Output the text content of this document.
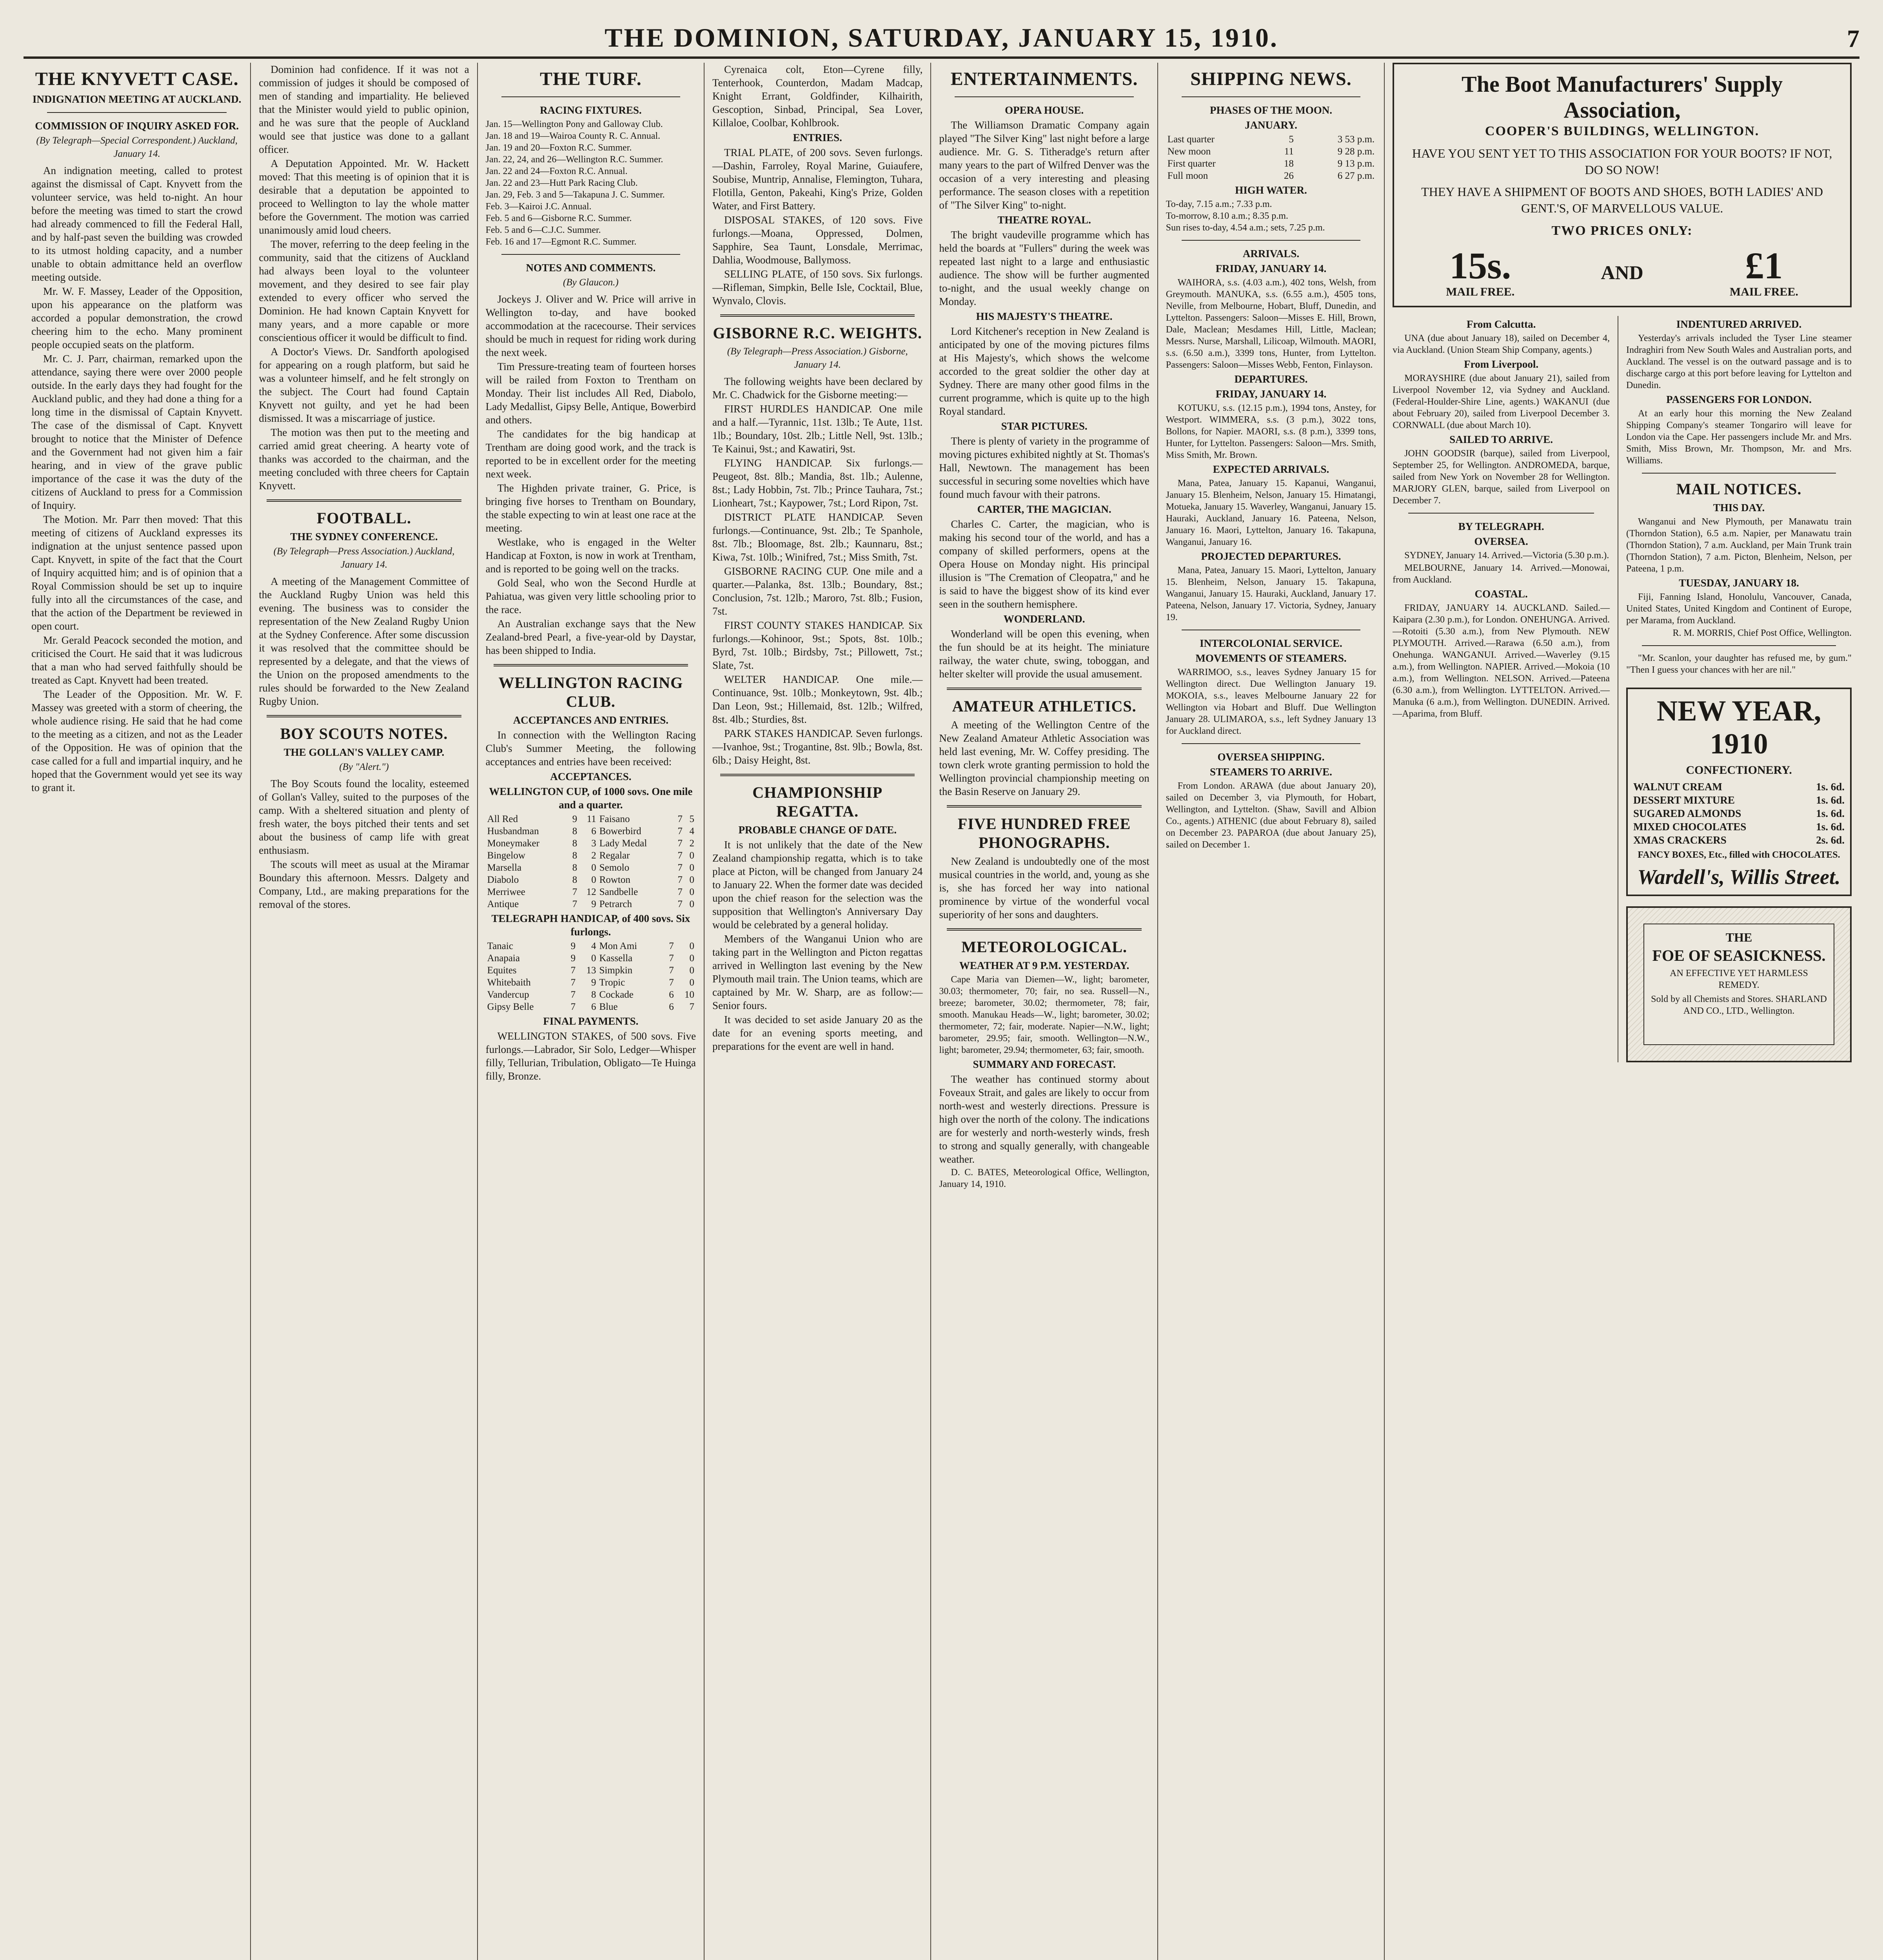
THE DOMINION, SATURDAY, JANUARY 15, 1910.	7
THE KNYVETT CASE.
INDIGNATION MEETING AT AUCKLAND.
COMMISSION OF INQUIRY ASKED FOR.
(By Telegraph—Special Correspondent.) Auckland, January 14.

An indignation meeting, called to protest against the dismissal of Capt. Knyvett from the volunteer service, was held to-night. An hour before the meeting was timed to start the crowd had already commenced to fill the Federal Hall, and by half-past seven the building was crowded to its utmost holding capacity, and a number unable to obtain admittance held an overflow meeting outside.

Mr. W. F. Massey, Leader of the Opposition, upon his appearance on the platform was accorded a popular demonstration, the crowd cheering him to the echo. Many prominent people occupied seats on the platform.

Mr. C. J. Parr, chairman, remarked upon the attendance, saying there were over 2000 people outside. In the early days they had fought for the Auckland public, and they had done a thing for a long time in the dismissal of Captain Knyvett. The case of the dismissal of Capt. Knyvett brought to notice that the Minister of Defence and the Government had not given him a fair hearing, and in view of the grave public importance of the case it was the duty of the citizens of Auckland to press for a Commission of Inquiry.

The Motion. Mr. Parr then moved: That this meeting of citizens of Auckland expresses its indignation at the unjust sentence passed upon Capt. Knyvett, in spite of the fact that the Court of Inquiry acquitted him; and is of opinion that a Royal Commission should be set up to inquire fully into all the circumstances of the case, and that the action of the Department be reviewed in open court.

Mr. Gerald Peacock seconded the motion, and criticised the Court. He said that it was ludicrous that a man who had served faithfully should be treated as Capt. Knyvett had been treated.

The Leader of the Opposition. Mr. W. F. Massey was greeted with a storm of cheering, the whole audience rising. He said that he had come to the meeting as a citizen, and not as the Leader of the Opposition. He was of opinion that the case called for a full and impartial inquiry, and he hoped that the Government would yet see its way to grant it.

Dominion had confidence. If it was not a commission of judges it should be composed of men of standing and impartiality. He believed that the Minister would yield to public opinion, and he was sure that the people of Auckland would see that justice was done to a gallant officer.

A Deputation Appointed. Mr. W. Hackett moved: That this meeting is of opinion that it is desirable that a deputation be appointed to proceed to Wellington to lay the whole matter before the Government. The motion was carried unanimously amid loud cheers.

The mover, referring to the deep feeling in the community, said that the citizens of Auckland had always been loyal to the volunteer movement, and they desired to see fair play extended to every officer who served the Dominion. He had known Captain Knyvett for many years, and a more capable or more conscientious officer it would be difficult to find.

A Doctor's Views. Dr. Sandforth apologised for appearing on a rough platform, but said he was a volunteer himself, and he felt strongly on the subject. The Court had found Captain Knyvett not guilty, and yet he had been dismissed. It was a miscarriage of justice.

The motion was then put to the meeting and carried amid great cheering. A hearty vote of thanks was accorded to the chairman, and the meeting concluded with three cheers for Captain Knyvett.

FOOTBALL.
THE SYDNEY CONFERENCE.
(By Telegraph—Press Association.) Auckland, January 14.

A meeting of the Management Committee of the Auckland Rugby Union was held this evening. The business was to consider the representation of the New Zealand Rugby Union at the Sydney Conference. After some discussion it was resolved that the committee should be represented by a delegate, and that the views of the Union on the proposed amendments to the rules should be forwarded to the New Zealand Rugby Union.

BOY SCOUTS NOTES.
THE GOLLAN'S VALLEY CAMP.
(By "Alert.")

The Boy Scouts found the locality, esteemed of Gollan's Valley, suited to the purposes of the camp. With a sheltered situation and plenty of fresh water, the boys pitched their tents and set about the business of camp life with great enthusiasm.

The scouts will meet as usual at the Miramar Boundary this afternoon. Messrs. Dalgety and Company, Ltd., are making preparations for the removal of the stores.

THE TURF.
RACING FIXTURES.
Jan. 15—Wellington Pony and Galloway Club.
Jan. 18 and 19—Wairoa County R. C. Annual.
Jan. 19 and 20—Foxton R.C. Summer.
Jan. 22, 24, and 26—Wellington R.C. Summer.
Jan. 22 and 24—Foxton R.C. Annual.
Jan. 22 and 23—Hutt Park Racing Club.
Jan. 29, Feb. 3 and 5—Takapuna J. C. Summer.
Feb. 3—Kairoi J.C. Annual.
Feb. 5 and 6—Gisborne R.C. Summer.
Feb. 5 and 6—C.J.C. Summer.
Feb. 16 and 17—Egmont R.C. Summer.
NOTES AND COMMENTS.
(By Glaucon.)

Jockeys J. Oliver and W. Price will arrive in Wellington to-day, and have booked accommodation at the racecourse. Their services should be much in request for riding work during the next week.

Tim Pressure-treating team of fourteen horses will be railed from Foxton to Trentham on Monday. Their list includes All Red, Diabolo, Lady Medallist, Gipsy Belle, Antique, Bowerbird and others.

The candidates for the big handicap at Trentham are doing good work, and the track is reported to be in excellent order for the meeting next week.

The Highden private trainer, G. Price, is bringing five horses to Trentham on Boundary, the stable expecting to win at least one race at the meeting.

Westlake, who is engaged in the Welter Handicap at Foxton, is now in work at Trentham, and is reported to be going well on the tracks.

Gold Seal, who won the Second Hurdle at Pahiatua, was given very little schooling prior to the race.

An Australian exchange says that the New Zealand-bred Pearl, a five-year-old by Daystar, has been shipped to India.

WELLINGTON RACING CLUB.
ACCEPTANCES AND ENTRIES.

In connection with the Wellington Racing Club's Summer Meeting, the following acceptances and entries have been received:

ACCEPTANCES.
WELLINGTON CUP, of 1000 sovs. One mile and a quarter.
All Red	9	11	Faisano	7	5
Husbandman	8	6	Bowerbird	7	4
Moneymaker	8	3	Lady Medal	7	2
Bingelow	8	2	Regalar	7	0
Marsella	8	0	Semolo	7	0
Diabolo	8	0	Rowton	7	0
Merriwee	7	12	Sandbelle	7	0
Antique	7	9	Petrarch	7	0
TELEGRAPH HANDICAP, of 400 sovs. Six furlongs.
Tanaic	9	4	Mon Ami	7	0
Anapaia	9	0	Kassella	7	0
Equites	7	13	Simpkin	7	0
Whitebaith	7	9	Tropic	7	0
Vandercup	7	8	Cockade	6	10
Gipsy Belle	7	6	Blue	6	7
FINAL PAYMENTS.

WELLINGTON STAKES, of 500 sovs. Five furlongs.—Labrador, Sir Solo, Ledger—Whisper filly, Tellurian, Tribulation, Obligato—Te Huinga filly, Bronze.

Cyrenaica colt, Eton—Cyrene filly, Tenterhook, Counterdon, Madam Madcap, Knight Errant, Goldfinder, Kilhairith, Gescoption, Sinbad, Principal, Sea Lover, Killaloe, Coolbar, Kohlbrook.

ENTRIES.

TRIAL PLATE, of 200 sovs. Seven furlongs.—Dashin, Farroley, Royal Marine, Guiaufere, Soubise, Muntrip, Annalise, Flemington, Tuhara, Flotilla, Genton, Pakeahi, King's Prize, Golden Water, and First Battery.

DISPOSAL STAKES, of 120 sovs. Five furlongs.—Moana, Oppressed, Dolmen, Sapphire, Sea Taunt, Lonsdale, Merrimac, Dahlia, Woodmouse, Ballymoss.

SELLING PLATE, of 150 sovs. Six furlongs.—Rifleman, Simpkin, Belle Isle, Cocktail, Blue, Wynvalo, Clovis.

GISBORNE R.C. WEIGHTS.
(By Telegraph—Press Association.) Gisborne, January 14.

The following weights have been declared by Mr. C. Chadwick for the Gisborne meeting:—

FIRST HURDLES HANDICAP. One mile and a half.—Tyrannic, 11st. 13lb.; Te Aute, 11st. 1lb.; Boundary, 10st. 2lb.; Little Nell, 9st. 13lb.; Te Kainui, 9st.; and Kawatiri, 9st.

FLYING HANDICAP. Six furlongs.—Peugeot, 8st. 8lb.; Mandia, 8st. 1lb.; Aulenne, 8st.; Lady Hobbin, 7st. 7lb.; Prince Tauhara, 7st.; Lionheart, 7st.; Kaypower, 7st.; Lord Ripon, 7st.

DISTRICT PLATE HANDICAP. Seven furlongs.—Continuance, 9st. 2lb.; Te Spanhole, 8st. 7lb.; Bloomage, 8st. 2lb.; Kaunnaru, 8st.; Kiwa, 7st. 10lb.; Winifred, 7st.; Miss Smith, 7st.

GISBORNE RACING CUP. One mile and a quarter.—Palanka, 8st. 13lb.; Boundary, 8st.; Conclusion, 7st. 12lb.; Maroro, 7st. 8lb.; Fusion, 7st.

FIRST COUNTY STAKES HANDICAP. Six furlongs.—Kohinoor, 9st.; Spots, 8st. 10lb.; Byrd, 7st. 10lb.; Birdsby, 7st.; Pillowett, 7st.; Slate, 7st.

WELTER HANDICAP. One mile.—Continuance, 9st. 10lb.; Monkeytown, 9st. 4lb.; Dan Leon, 9st.; Hillemaid, 8st. 12lb.; Wilfred, 8st. 4lb.; Sturdies, 8st.

PARK STAKES HANDICAP. Seven furlongs.—Ivanhoe, 9st.; Trogantine, 8st. 9lb.; Bowla, 8st. 6lb.; Daisy Height, 8st.

CHAMPIONSHIP REGATTA.
PROBABLE CHANGE OF DATE.

It is not unlikely that the date of the New Zealand championship regatta, which is to take place at Picton, will be changed from January 24 to January 22. When the former date was decided upon the chief reason for the selection was the supposition that Wellington's Anniversary Day would be celebrated by a general holiday.

Members of the Wanganui Union who are taking part in the Wellington and Picton regattas arrived in Wellington last evening by the New Plymouth mail train. The Union teams, which are captained by Mr. W. Sharp, are as follow:—Senior fours.

It was decided to set aside January 20 as the date for an evening sports meeting, and preparations for the event are well in hand.

ENTERTAINMENTS.
OPERA HOUSE.

The Williamson Dramatic Company again played "The Silver King" last night before a large audience. Mr. G. S. Titheradge's return after many years to the part of Wilfred Denver was the occasion of a very interesting and pleasing performance. The season closes with a repetition of "The Silver King" to-night.

THEATRE ROYAL.

The bright vaudeville programme which has held the boards at "Fullers" during the week was repeated last night to a large and enthusiastic audience. The show will be further augmented to-night, and the usual weekly change on Monday.

HIS MAJESTY'S THEATRE.

Lord Kitchener's reception in New Zealand is anticipated by one of the moving pictures films at His Majesty's, which shows the welcome accorded to the great soldier the other day at Sydney. There are many other good films in the current programme, which is quite up to the high Royal standard.

STAR PICTURES.

There is plenty of variety in the programme of moving pictures exhibited nightly at St. Thomas's Hall, Newtown. The management has been successful in securing some novelties which have found much favour with their patrons.

CARTER, THE MAGICIAN.

Charles C. Carter, the magician, who is making his second tour of the world, and has a company of skilled performers, opens at the Opera House on Monday night. His principal illusion is "The Cremation of Cleopatra," and he is said to have the biggest show of its kind ever seen in the southern hemisphere.

WONDERLAND.

Wonderland will be open this evening, when the fun should be at its height. The miniature railway, the water chute, swing, toboggan, and helter skelter will provide the usual amusement.

AMATEUR ATHLETICS.

A meeting of the Wellington Centre of the New Zealand Amateur Athletic Association was held last evening, Mr. W. Coffey presiding. The town clerk wrote granting permission to hold the Wellington provincial championship meeting on the Basin Reserve on January 29.

FIVE HUNDRED FREE PHONOGRAPHS.

New Zealand is undoubtedly one of the most musical countries in the world, and, young as she is, she has forced her way into national prominence by virtue of the wonderful vocal superiority of her sons and daughters.

METEOROLOGICAL.
WEATHER AT 9 P.M. YESTERDAY.

Cape Maria van Diemen—W., light; barometer, 30.03; thermometer, 70; fair, no sea. Russell—N., breeze; barometer, 30.02; thermometer, 78; fair, smooth. Manukau Heads—W., light; barometer, 30.02; thermometer, 72; fair, moderate. Napier—N.W., light; barometer, 29.95; fair, smooth. Wellington—N.W., light; barometer, 29.94; thermometer, 63; fair, smooth.

SUMMARY AND FORECAST.

The weather has continued stormy about Foveaux Strait, and gales are likely to occur from north-west and westerly directions. Pressure is high over the north of the colony. The indications are for westerly and north-westerly winds, fresh to strong and squally generally, with changeable weather.

D. C. BATES, Meteorological Office, Wellington, January 14, 1910.

SHIPPING NEWS.
PHASES OF THE MOON.
JANUARY.
Last quarter	5	3 53 p.m.
New moon	11	9 28 p.m.
First quarter	18	9 13 p.m.
Full moon	26	6 27 p.m.
HIGH WATER.
To-day, 7.15 a.m.; 7.33 p.m.
To-morrow, 8.10 a.m.; 8.35 p.m.
Sun rises to-day, 4.54 a.m.; sets, 7.25 p.m.
ARRIVALS.
FRIDAY, JANUARY 14.

WAIHORA, s.s. (4.03 a.m.), 402 tons, Welsh, from Greymouth. MANUKA, s.s. (6.55 a.m.), 4505 tons, Neville, from Melbourne, Hobart, Bluff, Dunedin, and Lyttelton. Passengers: Saloon—Misses E. Hill, Brown, Dale, Maclean; Mesdames Hill, Little, Maclean; Messrs. Nurse, Marshall, Lilicoap, Wilmouth. MAORI, s.s. (6.50 a.m.), 3399 tons, Hunter, from Lyttelton. Passengers: Saloon—Misses Webb, Fenton, Finlayson.

DEPARTURES.
FRIDAY, JANUARY 14.

KOTUKU, s.s. (12.15 p.m.), 1994 tons, Anstey, for Westport. WIMMERA, s.s. (3 p.m.), 3022 tons, Bollons, for Napier. MAORI, s.s. (8 p.m.), 3399 tons, Hunter, for Lyttelton. Passengers: Saloon—Mrs. Smith, Miss Smith, Mr. Brown.

EXPECTED ARRIVALS.

Mana, Patea, January 15. Kapanui, Wanganui, January 15. Blenheim, Nelson, January 15. Himatangi, Motueka, January 15. Waverley, Wanganui, January 15. Hauraki, Auckland, January 16. Pateena, Nelson, January 16. Maori, Lyttelton, January 16. Takapuna, Wanganui, January 16.

PROJECTED DEPARTURES.

Mana, Patea, January 15. Maori, Lyttelton, January 15. Blenheim, Nelson, January 15. Takapuna, Wanganui, January 15. Hauraki, Auckland, January 17. Pateena, Nelson, January 17. Victoria, Sydney, January 19.

INTERCOLONIAL SERVICE.
MOVEMENTS OF STEAMERS.

WARRIMOO, s.s., leaves Sydney January 15 for Wellington direct. Due Wellington January 19. MOKOIA, s.s., leaves Melbourne January 22 for Wellington via Hobart and Bluff. Due Wellington January 28. ULIMAROA, s.s., left Sydney January 13 for Auckland direct.

OVERSEA SHIPPING.
STEAMERS TO ARRIVE.

From London. ARAWA (due about January 20), sailed on December 3, via Plymouth, for Hobart, Wellington, and Lyttelton. (Shaw, Savill and Albion Co., agents.) ATHENIC (due about February 8), sailed on December 23. PAPAROA (due about January 25), sailed on December 1.

The Boot Manufacturers' Supply Association,
COOPER'S BUILDINGS, WELLINGTON.
HAVE YOU SENT YET TO THIS ASSOCIATION FOR YOUR BOOTS? IF NOT, DO SO NOW!
THEY HAVE A SHIPMENT OF BOOTS AND SHOES, BOTH LADIES' AND GENT.'S, OF MARVELLOUS VALUE.
TWO PRICES ONLY:
15s.
MAIL FREE.
AND	£1
MAIL FREE.
From Calcutta.

UNA (due about January 18), sailed on December 4, via Auckland. (Union Steam Ship Company, agents.)

From Liverpool.

MORAYSHIRE (due about January 21), sailed from Liverpool November 12, via Sydney and Auckland. (Federal-Houlder-Shire Line, agents.) WAKANUI (due about February 20), sailed from Liverpool December 3. CORNWALL (due about March 10).

SAILED TO ARRIVE.

JOHN GOODSIR (barque), sailed from Liverpool, September 25, for Wellington. ANDROMEDA, barque, sailed from New York on November 28 for Wellington. MARJORY GLEN, barque, sailed from Liverpool on December 7.

BY TELEGRAPH.
OVERSEA.

SYDNEY, January 14. Arrived.—Victoria (5.30 p.m.).

MELBOURNE, January 14. Arrived.—Monowai, from Auckland.

COASTAL.

FRIDAY, JANUARY 14. AUCKLAND. Sailed.—Kaipara (2.30 p.m.), for London. ONEHUNGA. Arrived.—Rotoiti (5.30 a.m.), from New Plymouth. NEW PLYMOUTH. Arrived.—Rarawa (6.50 a.m.), from Onehunga. WANGANUI. Arrived.—Waverley (9.15 a.m.), from Wellington. NAPIER. Arrived.—Mokoia (10 a.m.), from Wellington. NELSON. Arrived.—Pateena (6.30 a.m.), from Wellington. LYTTELTON. Arrived.—Manuka (6 a.m.), from Wellington. DUNEDIN. Arrived.—Aparima, from Bluff.

INDENTURED ARRIVED.

Yesterday's arrivals included the Tyser Line steamer Indraghiri from New South Wales and Australian ports, and Auckland. The vessel is on the outward passage and is to discharge cargo at this port before leaving for Lyttelton and Dunedin.

PASSENGERS FOR LONDON.

At an early hour this morning the New Zealand Shipping Company's steamer Tongariro will leave for London via the Cape. Her passengers include Mr. and Mrs. Smith, Miss Brown, Mr. Thompson, Mr. and Mrs. Williams.

MAIL NOTICES.
THIS DAY.

Wanganui and New Plymouth, per Manawatu train (Thorndon Station), 6.5 a.m. Napier, per Manawatu train (Thorndon Station), 7 a.m. Auckland, per Main Trunk train (Thorndon Station), 7 a.m. Picton, Blenheim, Nelson, per Pateena, 1 p.m.

TUESDAY, JANUARY 18.

Fiji, Fanning Island, Honolulu, Vancouver, Canada, United States, United Kingdom and Continent of Europe, per Marama, from Auckland.

R. M. MORRIS, Chief Post Office, Wellington.

"Mr. Scanlon, your daughter has refused me, by gum." "Then I guess your chances with her are nil."

NEW YEAR, 1910
CONFECTIONERY.
WALNUT CREAM	1s. 6d.
DESSERT MIXTURE	1s. 6d.
SUGARED ALMONDS	1s. 6d.
MIXED CHOCOLATES	1s. 6d.
XMAS CRACKERS	2s. 6d.
FANCY BOXES, Etc., filled with CHOCOLATES.
Wardell's, Willis Street.
THE
FOE OF SEASICKNESS.
AN EFFECTIVE YET HARMLESS REMEDY.
Sold by all Chemists and Stores. SHARLAND AND CO., LTD., Wellington.
